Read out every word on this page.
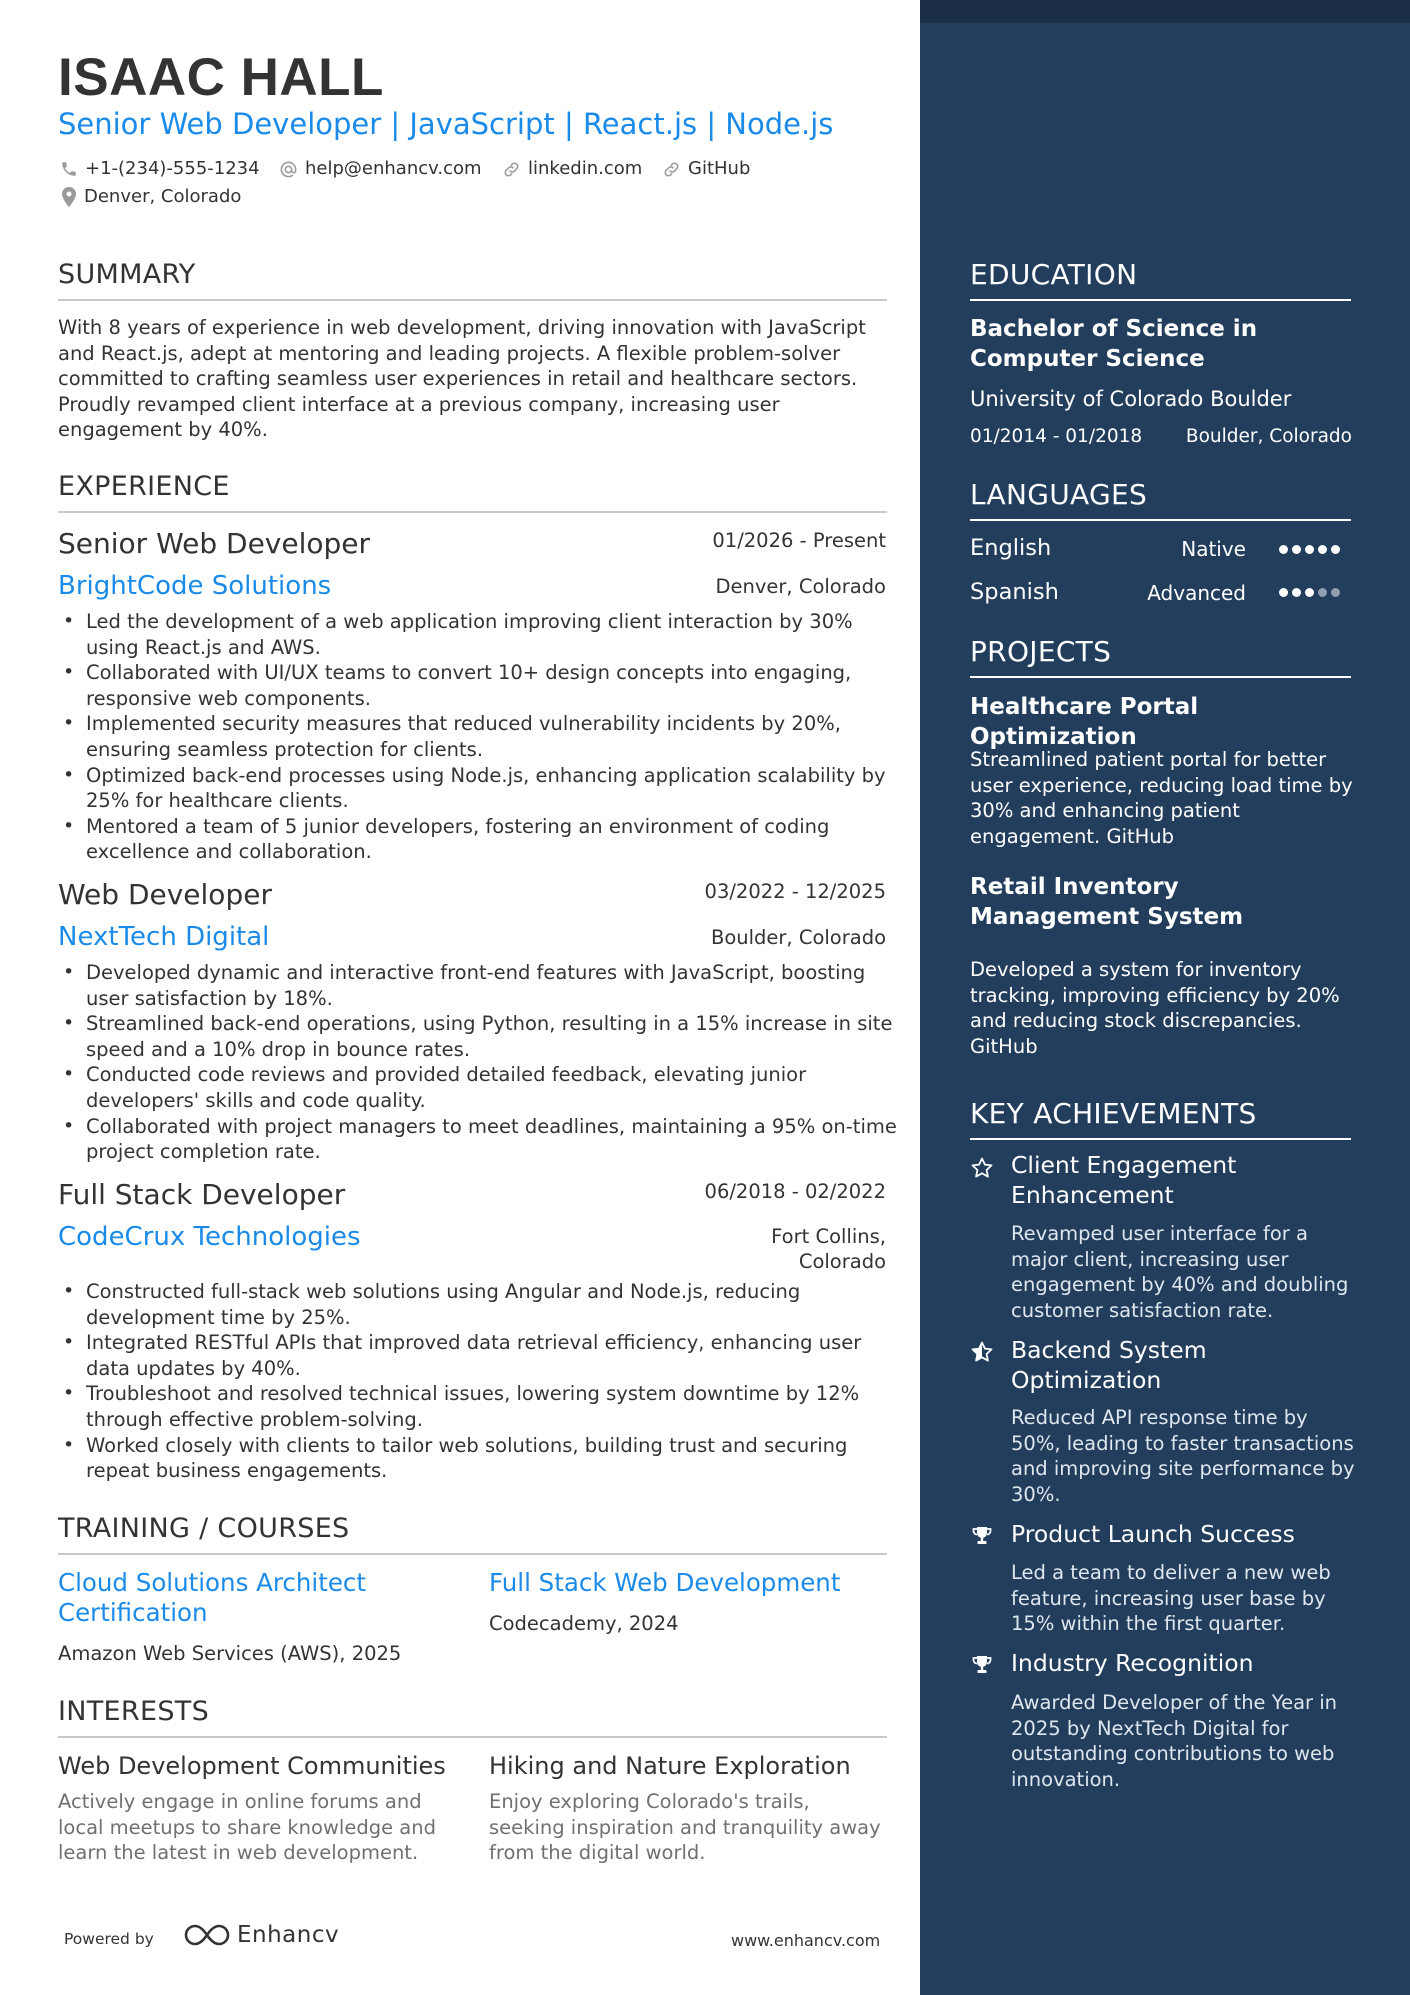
ISAAC HALL
Senior Web Developer | JavaScript | React.js | Node.js
+1-(234)-555-1234	help@enhancv.com	linkedin.com	GitHub
Denver, Colorado
SUMMARY
With 8 years of experience in web development, driving innovation with JavaScript and React.js, adept at mentoring and leading projects. A flexible problem-solver committed to crafting seamless user experiences in retail and healthcare sectors. Proudly revamped client interface at a previous company, increasing user engagement by 40%.
EXPERIENCE
Senior Web Developer	01/2026 - Present
BrightCode Solutions	Denver, Colorado
• Led the development of a web application improving client interaction by 30% using React.js and AWS.
• Collaborated with UI/UX teams to convert 10+ design concepts into engaging, responsive web components.
• Implemented security measures that reduced vulnerability incidents by 20%, ensuring seamless protection for clients.
• Optimized back-end processes using Node.js, enhancing application scalability by 25% for healthcare clients.
• Mentored a team of 5 junior developers, fostering an environment of coding excellence and collaboration.
Web Developer	03/2022 - 12/2025
NextTech Digital	Boulder, Colorado
• Developed dynamic and interactive front-end features with JavaScript, boosting user satisfaction by 18%.
• Streamlined back-end operations, using Python, resulting in a 15% increase in site speed and a 10% drop in bounce rates.
• Conducted code reviews and provided detailed feedback, elevating junior developers' skills and code quality.
• Collaborated with project managers to meet deadlines, maintaining a 95% on-time project completion rate.
Full Stack Developer	06/2018 - 02/2022
CodeCrux Technologies	Fort Collins, Colorado
• Constructed full-stack web solutions using Angular and Node.js, reducing development time by 25%.
• Integrated RESTful APIs that improved data retrieval efficiency, enhancing user data updates by 40%.
• Troubleshoot and resolved technical issues, lowering system downtime by 12% through effective problem-solving.
• Worked closely with clients to tailor web solutions, building trust and securing repeat business engagements.
TRAINING / COURSES
Cloud Solutions Architect Certification
Amazon Web Services (AWS), 2025
Full Stack Web Development
Codecademy, 2024
INTERESTS
Web Development Communities
Actively engage in online forums and local meetups to share knowledge and learn the latest in web development.
Hiking and Nature Exploration
Enjoy exploring Colorado's trails, seeking inspiration and tranquility away from the digital world.
Powered by	Enhancv	www.enhancv.com
EDUCATION
Bachelor of Science in Computer Science
University of Colorado Boulder
01/2014 - 01/2018 Boulder, Colorado
LANGUAGES
English	Native
Spanish	Advanced
PROJECTS
Healthcare Portal Optimization
Streamlined patient portal for better user experience, reducing load time by 30% and enhancing patient engagement. GitHub
Retail Inventory Management System
Developed a system for inventory tracking, improving efficiency by 20% and reducing stock discrepancies. GitHub
KEY ACHIEVEMENTS
Client Engagement Enhancement
Revamped user interface for a major client, increasing user engagement by 40% and doubling customer satisfaction rate.
Backend System Optimization
Reduced API response time by 50%, leading to faster transactions and improving site performance by 30%.
Product Launch Success
Led a team to deliver a new web feature, increasing user base by 15% within the first quarter.
Industry Recognition
Awarded Developer of the Year in 2025 by NextTech Digital for outstanding contributions to web innovation.
